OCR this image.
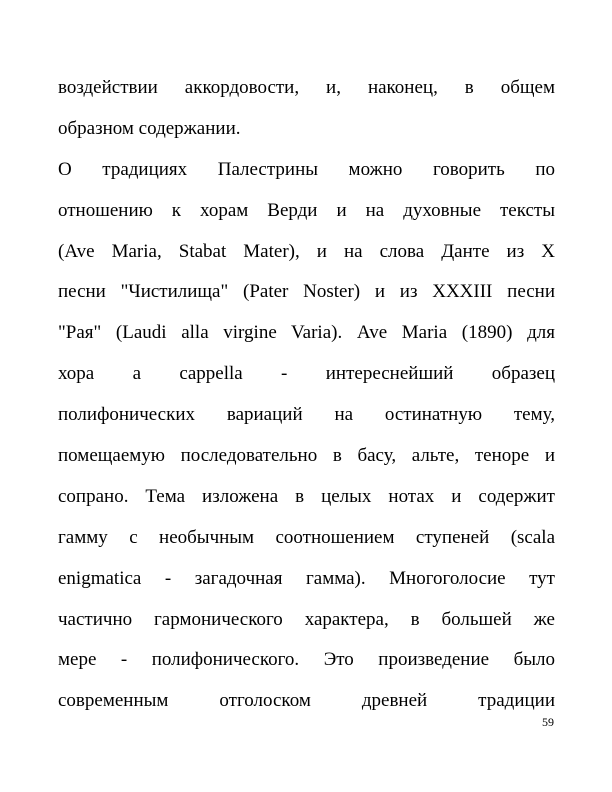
воздействии аккордовости, и, наконец, в общем
образном содержании.
О традициях Палестрины можно говорить по
отношению к хорам Верди и на духовные тексты
(Ave Maria, Stabat Mater), и на слова Данте из Х
песни "Чистилища" (Pater Noster) и из XXXIII песни
"Рая" (Laudi alla virgine Varia). Ave Maria (1890) для
хора а cappella - интереснейший образец
полифонических вариаций на остинатную тему,
помещаемую последовательно в басу, альте, теноре и
сопрано. Тема изложена в целых нотах и содержит
гамму с необычным соотношением ступеней (scala
enigmatica - загадочная гамма). Многоголосие тут
частично гармонического характера, в большей же
мере - полифонического. Это произведение было
современным отголоском древней традиции
59
